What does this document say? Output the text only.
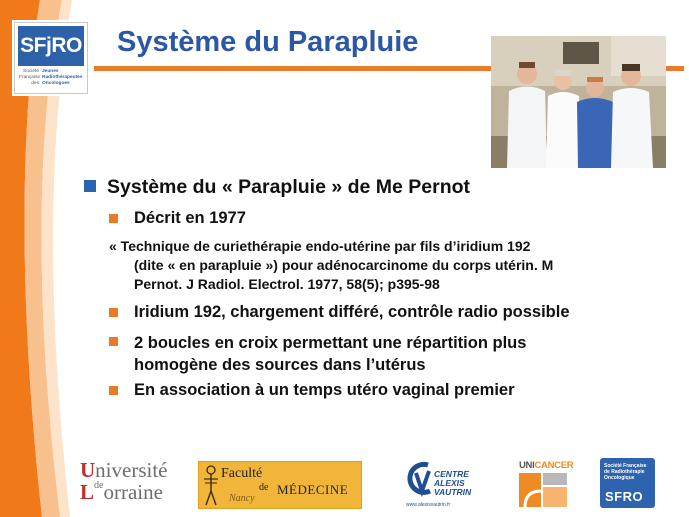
SFjRO
Société
Française
des
Jeunes
Radiothérapeutes
Oncologues
Système du Parapluie
Système du « Parapluie » de Me Pernot
Décrit en 1977
« Technique de curiethérapie endo-utérine par fils d’iridium 192
(dite « en parapluie ») pour adénocarcinome du corps utérin. M
Pernot. J Radiol. Electrol. 1977, 58(5); p395-98
Iridium 192, chargement différé, contrôle radio possible
2 boucles en croix permettant une répartition plus
homogène des sources dans l’utérus
En association à un temps utéro vaginal premier
Université
Ldeorraine
Faculté
de MÉDECINE
Nancy
CENTRE
ALEXIS
VAUTRIN
www.alexisvautrin.fr
UNICANCER	Société Française
de Radiothérapie
Oncologique
SFRO
